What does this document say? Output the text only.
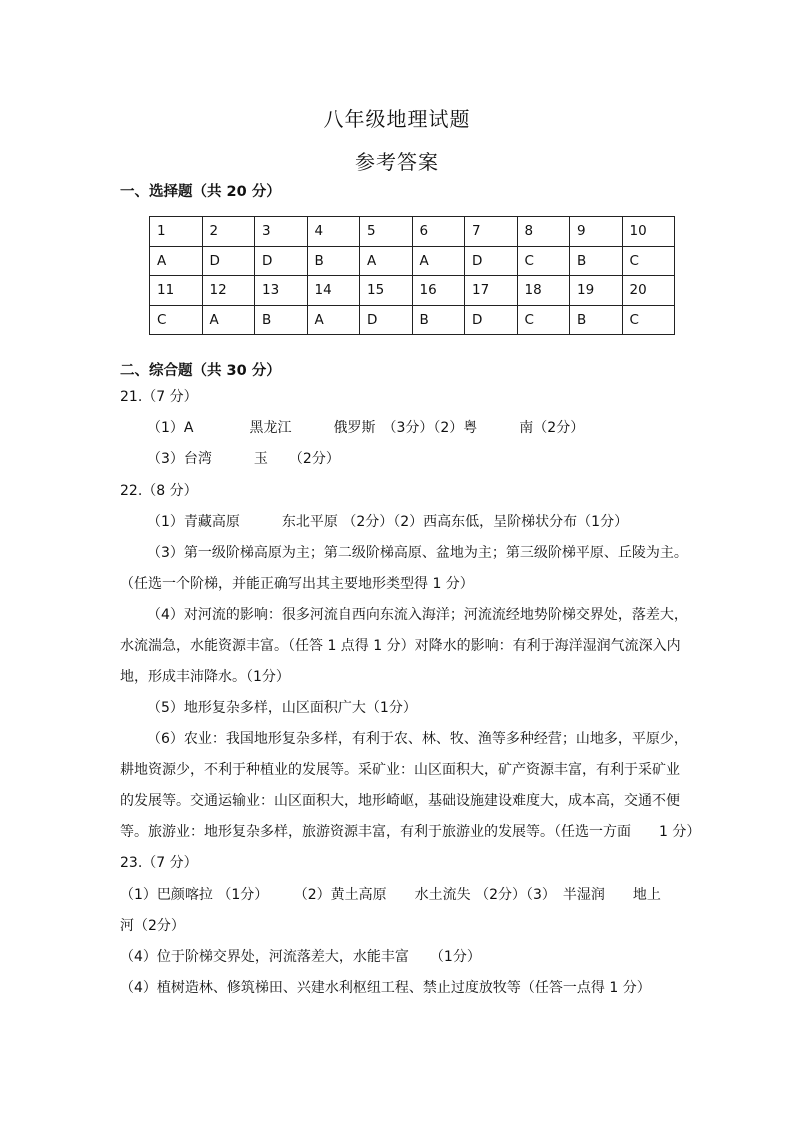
八年级地理试题
参考答案
一、选择题（共 20 分）
1	2	3	4	5	6	7	8	9	10
A	D	D	B	A	A	D	C	B	C
11	12	13	14	15	16	17	18	19	20
C	A	B	A	D	B	D	C	B	C
二、综合题（共 30 分）
21.（7 分）
（1）A　　　　黑龙江　　　俄罗斯　（3分）（2）粤　　　南（2分）
（3）台湾　　　玉　　（2分）
22.（8 分）
（1）青藏高原　　　东北平原 （2分）（2）西高东低，呈阶梯状分布（1分）
（3）第一级阶梯高原为主；第二级阶梯高原、盆地为主；第三级阶梯平原、丘陵为主。
（任选一个阶梯，并能正确写出其主要地形类型得 1 分）
（4）对河流的影响：很多河流自西向东流入海洋；河流流经地势阶梯交界处，落差大，
水流湍急，水能资源丰富。（任答 1 点得 1 分）对降水的影响：有利于海洋湿润气流深入内
地，形成丰沛降水。（1分）
（5）地形复杂多样，山区面积广大（1分）
（6）农业：我国地形复杂多样，有利于农、林、牧、渔等多种经营；山地多，平原少，
耕地资源少，不利于种植业的发展等。采矿业：山区面积大，矿产资源丰富，有利于采矿业
的发展等。交通运输业：山区面积大，地形崎岖，基础设施建设难度大，成本高，交通不便
等。旅游业：地形复杂多样，旅游资源丰富，有利于旅游业的发展等。（任选一方面　　1 分）
23.（7 分）
（1）巴颜喀拉 （1分）　　 （2）黄土高原　　水土流失 （2分）（3）　半湿润　　地上
河（2分）
（4）位于阶梯交界处，河流落差大，水能丰富　　（1分）
（4）植树造林、修筑梯田、兴建水利枢纽工程、禁止过度放牧等（任答一点得 1 分）
